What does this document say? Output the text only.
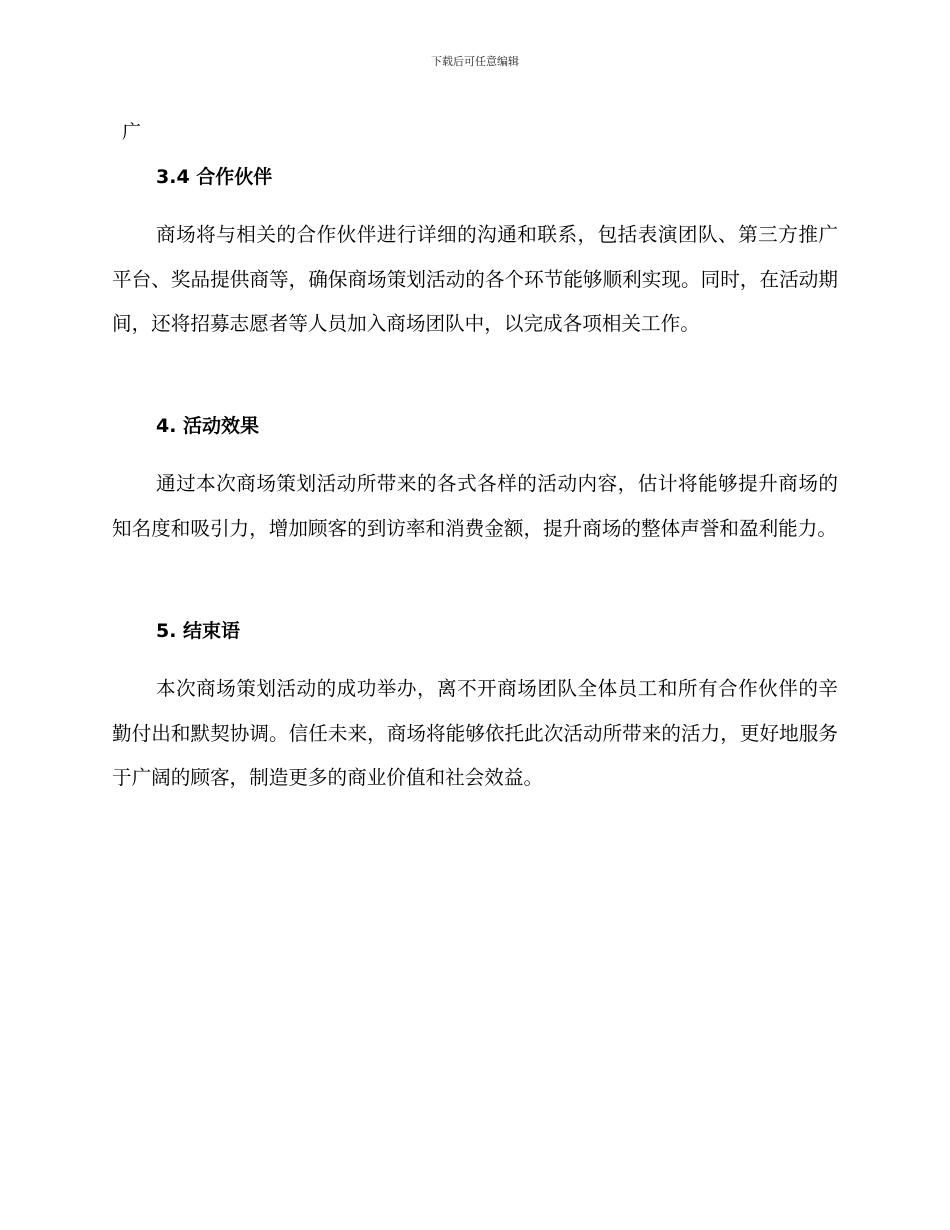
下载后可任意编辑
广
3.4 合作伙伴
商场将与相关的合作伙伴进行详细的沟通和联系，包括表演团队、第三方推广平台、奖品提供商等，确保商场策划活动的各个环节能够顺利实现。同时，在活动期间，还将招募志愿者等人员加入商场团队中，以完成各项相关工作。
4. 活动效果
通过本次商场策划活动所带来的各式各样的活动内容，估计将能够提升商场的知名度和吸引力，增加顾客的到访率和消费金额，提升商场的整体声誉和盈利能力。
5. 结束语
本次商场策划活动的成功举办，离不开商场团队全体员工和所有合作伙伴的辛勤付出和默契协调。信任未来，商场将能够依托此次活动所带来的活力，更好地服务于广阔的顾客，制造更多的商业价值和社会效益。
